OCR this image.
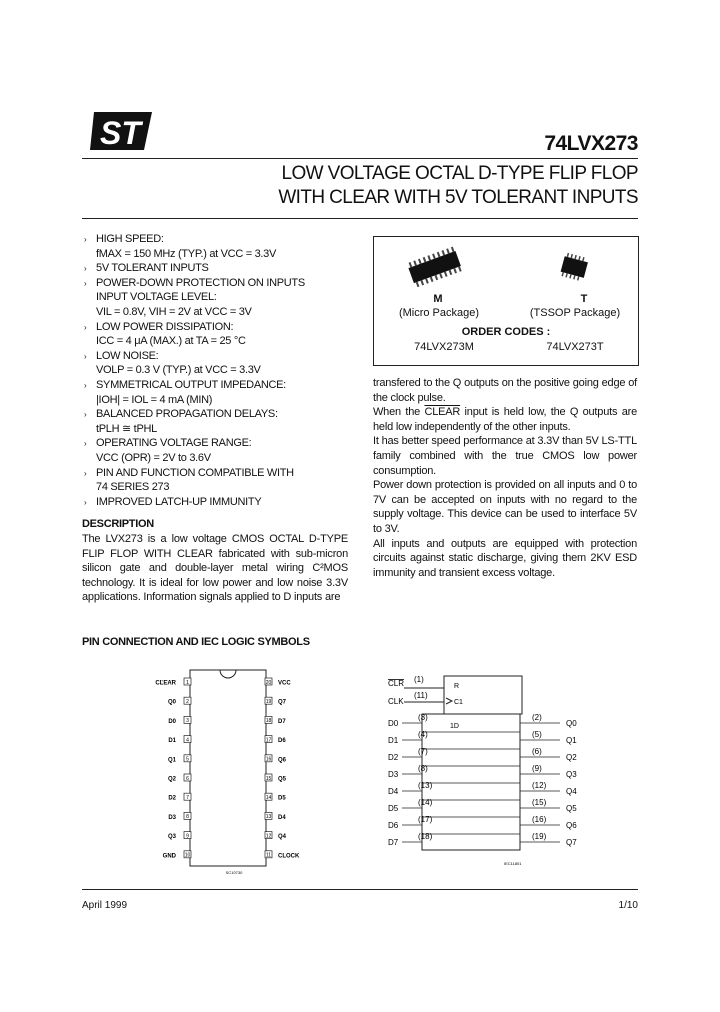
ST	74LVX273
LOW VOLTAGE OCTAL D-TYPE FLIP FLOP
WITH CLEAR WITH 5V TOLERANT INPUTS
› HIGH SPEED:
fMAX = 150 MHz (TYP.) at VCC = 3.3V
› 5V TOLERANT INPUTS
› POWER-DOWN PROTECTION ON INPUTS
INPUT VOLTAGE LEVEL:
VIL = 0.8V, VIH = 2V at VCC = 3V
› LOW POWER DISSIPATION:
ICC = 4 μA (MAX.) at TA = 25 °C
› LOW NOISE:
VOLP = 0.3 V (TYP.) at VCC = 3.3V
› SYMMETRICAL OUTPUT IMPEDANCE:
|IOH| = IOL = 4 mA (MIN)
› BALANCED PROPAGATION DELAYS:
tPLH ≅ tPHL
› OPERATING VOLTAGE RANGE:
VCC (OPR) = 2V to 3.6V
› PIN AND FUNCTION COMPATIBLE WITH
74 SERIES 273
› IMPROVED LATCH-UP IMMUNITY
DESCRIPTION

The LVX273 is a low voltage CMOS OCTAL D-TYPE FLIP FLOP WITH CLEAR fabricated with sub-micron silicon gate and double-layer metal wiring C²MOS technology. It is ideal for low power and low noise 3.3V applications. Information signals applied to D inputs are

M	T
(Micro Package)	(TSSOP Package)
ORDER CODES :
74LVX273M	74LVX273T

transfered to the Q outputs on the positive going edge of the clock pulse.

When the CLEAR input is held low, the Q outputs are held low independently of the other inputs.

It has better speed performance at 3.3V than 5V LS-TTL family combined with the true CMOS low power consumption.

Power down protection is provided on all inputs and 0 to 7V can be accepted on inputs with no regard to the supply voltage. This device can be used to interface 5V to 3V.

All inputs and outputs are equipped with protection circuits against static discharge, giving them 2KV ESD immunity and transient excess voltage.

PIN CONNECTION AND IEC LOGIC SYMBOLS
1
CLEAR
2
Q0
3
D0
4
D1
5
Q1
6
Q2
7
D2
8
D3
9
Q3
10
GND
20 VCC
19 Q7
18 D7
17 D6
16 Q6
15 Q5
14 D5
13 D4
12 Q4
11 CLOCK
SC10730
D0
(3)	(2)
Q0
D1
(4)	(5)
Q1
D2
(7)	(6)
Q2
D3
(8)	(9)
Q3
D4
(13)	(12)
Q4
D5
(14)	(15)
Q5
D6
(17)	(16)
Q6
D7
(18)	(19)
Q7
CLR
CLK
(1)
(11)
R
C1
1D
IEC11801
April 1999	1/10
